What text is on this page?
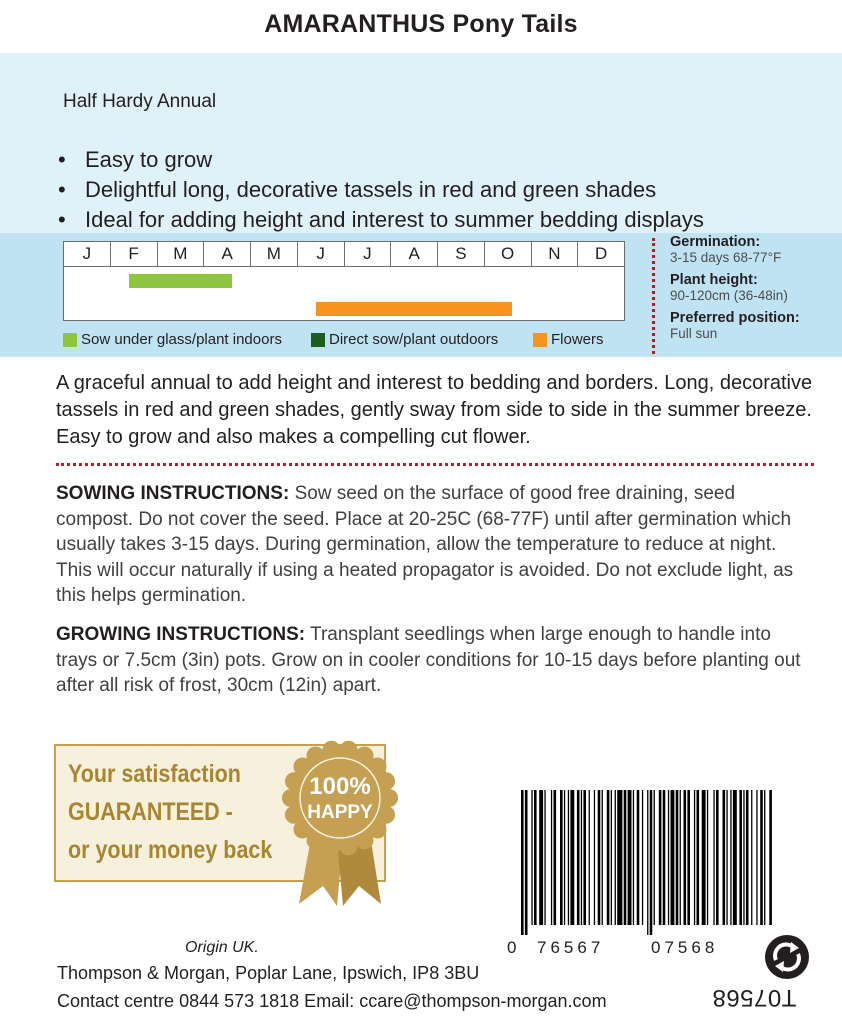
AMARANTHUS Pony Tails
Half Hardy Annual
• Easy to grow
• Delightful long, decorative tassels in red and green shades
• Ideal for adding height and interest to summer bedding displays
J	F	M	A	M	J	J	A	S	O	N	D
Sow under glass/plant indoors	Direct sow/plant outdoors	Flowers
Germination:
3-15 days 68-77°F
Plant height:
90-120cm (36-48in)
Preferred position:
Full sun
A graceful annual to add height and interest to bedding and borders. Long, decorative tassels in red and green shades, gently sway from side to side in the summer breeze. Easy to grow and also makes a compelling cut flower.
SOWING INSTRUCTIONS: Sow seed on the surface of good free draining, seed compost. Do not cover the seed. Place at 20-25C (68-77F) until after germination which usually takes 3-15 days. During germination, allow the temperature to reduce at night. This will occur naturally if using a heated propagator is avoided. Do not exclude light, as this helps germination.
GROWING INSTRUCTIONS: Transplant seedlings when large enough to handle into trays or 7.5cm (3in) pots. Grow on in cooler conditions for 10-15 days before planting out after all risk of frost, 30cm (12in) apart.
Your satisfaction
GUARANTEED -
or your money back
100%
HAPPY
0 76567	07568
Origin UK.
Thompson & Morgan, Poplar Lane, Ipswich, IP8 3BU
Contact centre 0844 573 1818 Email: ccare@thompson-morgan.com	T07568
